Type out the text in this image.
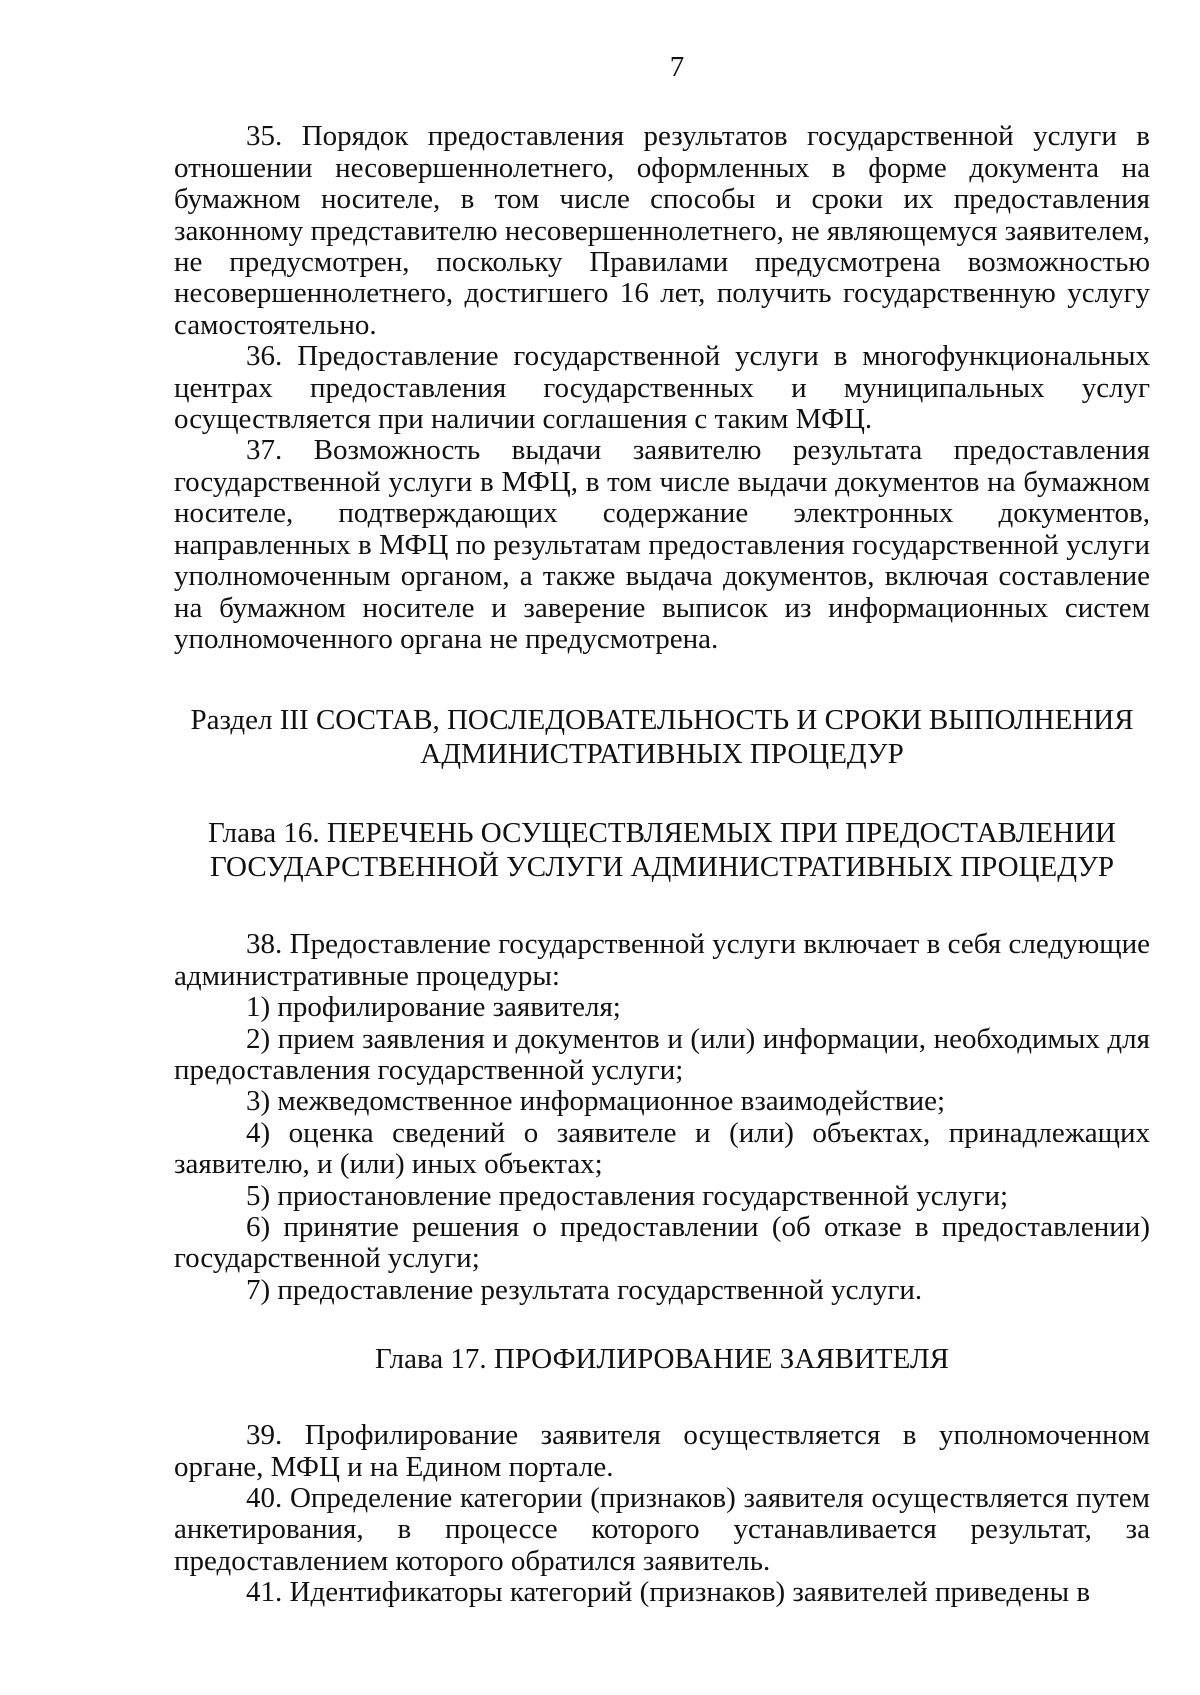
7

35. Порядок предоставления результатов государственной услуги в отношении несовершеннолетнего, оформленных в форме документа на бумажном носителе, в том числе способы и сроки их предоставления законному представителю несовершеннолетнего, не являющемуся заявителем, не предусмотрен, поскольку Правилами предусмотрена возможностью несовершеннолетнего, достигшего 16 лет, получить государственную услугу самостоятельно.

36. Предоставление государственной услуги в многофункциональных центрах предоставления государственных и муниципальных услуг осуществляется при наличии соглашения с таким МФЦ.

37. Возможность выдачи заявителю результата предоставления государственной услуги в МФЦ, в том числе выдачи документов на бумажном носителе, подтверждающих содержание электронных документов, направленных в МФЦ по результатам предоставления государственной услуги уполномоченным органом, а также выдача документов, включая составление на бумажном носителе и заверение выписок из информационных систем уполномоченного органа не предусмотрена.

Раздел III СОСТАВ, ПОСЛЕДОВАТЕЛЬНОСТЬ И СРОКИ ВЫПОЛНЕНИЯ
АДМИНИСТРАТИВНЫХ ПРОЦЕДУР
Глава 16. ПЕРЕЧЕНЬ ОСУЩЕСТВЛЯЕМЫХ ПРИ ПРЕДОСТАВЛЕНИИ
ГОСУДАРСТВЕННОЙ УСЛУГИ АДМИНИСТРАТИВНЫХ ПРОЦЕДУР

38. Предоставление государственной услуги включает в себя следующие административные процедуры:

1) профилирование заявителя;

2) прием заявления и документов и (или) информации, необходимых для предоставления государственной услуги;

3) межведомственное информационное взаимодействие;

4) оценка сведений о заявителе и (или) объектах, принадлежащих заявителю, и (или) иных объектах;

5) приостановление предоставления государственной услуги;

6) принятие решения о предоставлении (об отказе в предоставлении) государственной услуги;

7) предоставление результата государственной услуги.

Глава 17. ПРОФИЛИРОВАНИЕ ЗАЯВИТЕЛЯ

39. Профилирование заявителя осуществляется в уполномоченном органе, МФЦ и на Едином портале.

40. Определение категории (признаков) заявителя осуществляется путем анкетирования, в процессе которого устанавливается результат, за предоставлением которого обратился заявитель.

41. Идентификаторы категорий (признаков) заявителей приведены в
